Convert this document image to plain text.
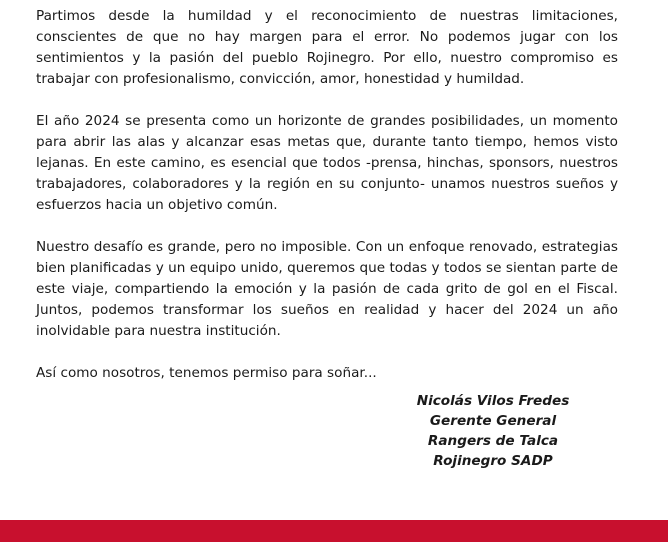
Partimos desde la humildad y el reconocimiento de nuestras limitaciones, conscientes de que no hay margen para el error. No podemos jugar con los sentimientos y la pasión del pueblo Rojinegro. Por ello, nuestro compromiso es trabajar con profesionalismo, convicción, amor, honestidad y humildad.

El año 2024 se presenta como un horizonte de grandes posibilidades, un momento para abrir las alas y alcanzar esas metas que, durante tanto tiempo, hemos visto lejanas. En este camino, es esencial que todos -prensa, hinchas, sponsors, nuestros trabajadores, colaboradores y la región en su conjunto- unamos nuestros sueños y esfuerzos hacia un objetivo común.

Nuestro desafío es grande, pero no imposible. Con un enfoque renovado, estrategias bien planificadas y un equipo unido, queremos que todas y todos se sientan parte de este viaje, compartiendo la emoción y la pasión de cada grito de gol en el Fiscal. Juntos, podemos transformar los sueños en realidad y hacer del 2024 un año inolvidable para nuestra institución.

Así como nosotros, tenemos permiso para soñar...

Nicolás Vilos Fredes
Gerente General
Rangers de Talca
Rojinegro SADP
